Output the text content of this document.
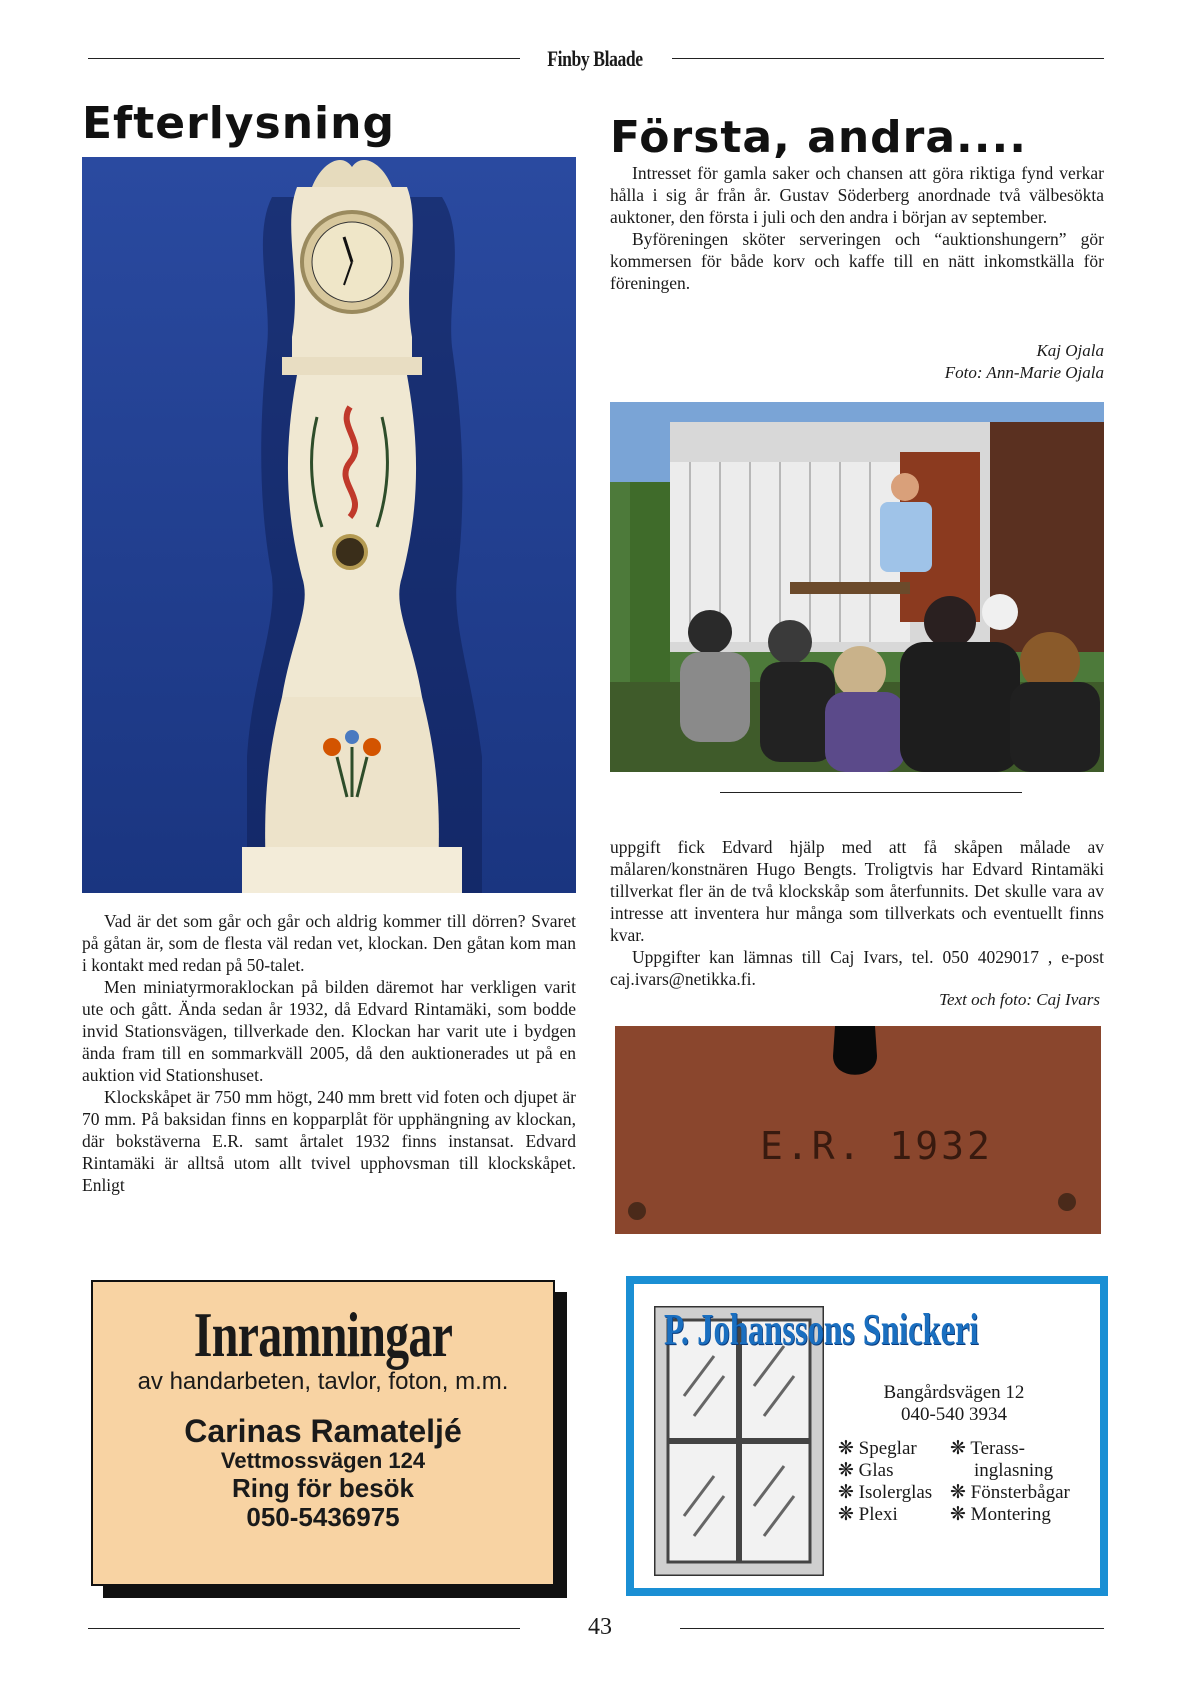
Finby Blaade
Efterlysning

Vad är det som går och går och aldrig kommer till dörren? Svaret på gåtan är, som de flesta väl redan vet, klockan. Den gåtan kom man i kontakt med redan på 50-talet.

Men miniatyrmoraklockan på bilden däremot har verkligen varit ute och gått. Ända sedan år 1932, då Edvard Rintamäki, som bodde invid Stationsvägen, tillverkade den. Klockan har varit ute i bydgen ända fram till en sommarkväll 2005, då den auktionerades ut på en auktion vid Stationshuset.

Klockskåpet är 750 mm högt, 240 mm brett vid foten och djupet är 70 mm. På baksidan finns en kopparplåt för upphängning av klockan, där bokstäverna E.R. samt årtalet 1932 finns instansat. Edvard Rintamäki är alltså utom allt tvivel upphovsman till klockskåpet. Enligt

Första, andra....

Intresset för gamla saker och chansen att göra riktiga fynd verkar hålla i sig år från år. Gustav Söderberg anordnade två välbesökta auktoner, den första i juli och den andra i början av september.

Byföreningen sköter serveringen och “auktionshungern” gör kommersen för både korv och kaffe till en nätt inkomstkälla för föreningen.

Kaj Ojala
Foto: Ann-Marie Ojala

uppgift fick Edvard hjälp med att få skåpen målade av målaren/konstnären Hugo Bengts. Troligtvis har Edvard Rintamäki tillverkat fler än de två klockskåp som återfunnits. Det skulle vara av intresse att inventera hur många som tillverkats och eventuellt finns kvar.

Uppgifter kan lämnas till Caj Ivars, tel. 050 4029017 , e-post caj.ivars@netikka.fi.

Text och foto: Caj Ivars
E.R. 1932
Inramningar
av handarbeten, tavlor, foton, m.m.
Carinas Ramateljé
Vettmossvägen 124
Ring för besök
050-5436975
P. Johanssons Snickeri
Bangårdsvägen 12
040-540 3934
❋ Speglar
❋ Glas
❋ Isolerglas
❋ Plexi
❋ Terass-
inglasning
❋ Fönsterbågar
❋ Montering
43
